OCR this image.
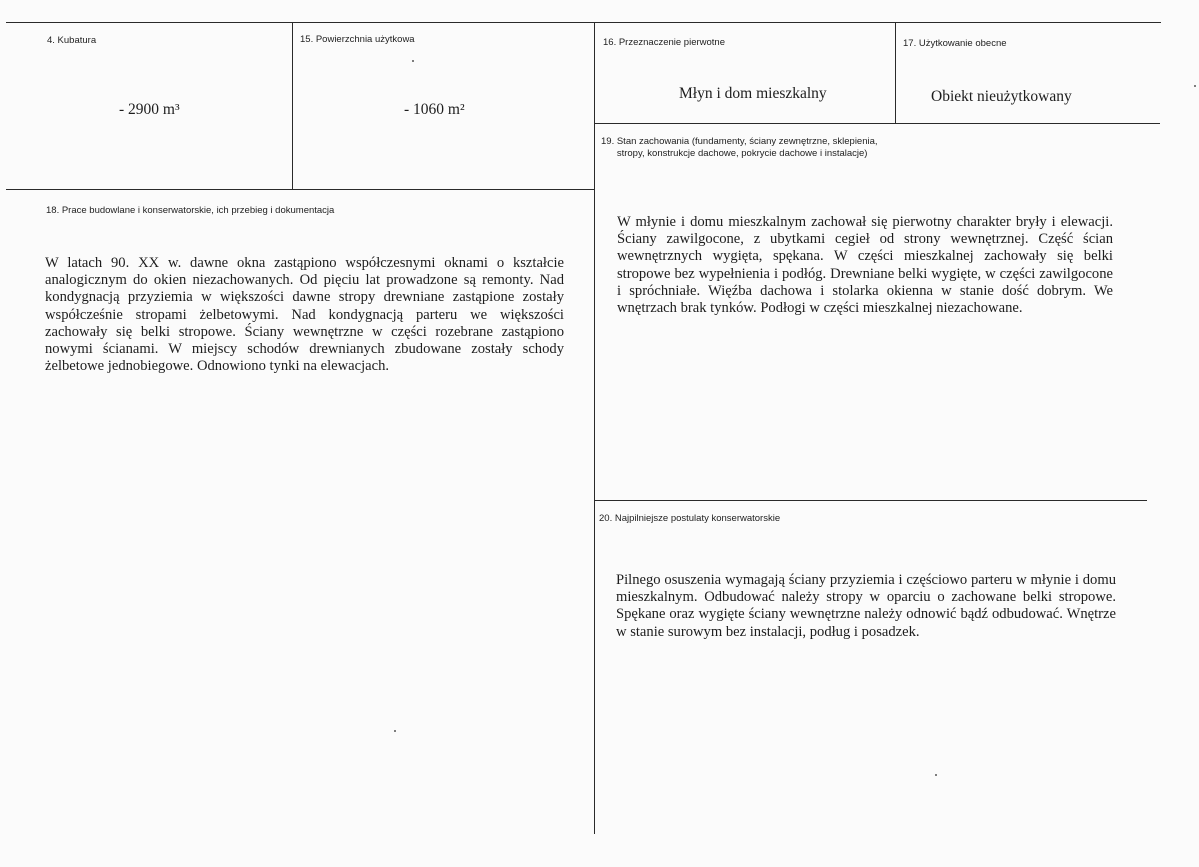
4. Kubatura
- 2900 m³
15. Powierzchnia użytkowa
- 1060 m²
16. Przeznaczenie pierwotne
Młyn i dom mieszkalny
17. Użytkowanie obecne
Obiekt nieużytkowany
19. Stan zachowania (fundamenty, ściany zewnętrzne, sklepienia,
stropy, konstrukcje dachowe, pokrycie dachowe i instalacje)
W młynie i domu mieszkalnym zachował się pierwotny charakter bryły i elewacji. Ściany zawilgocone, z ubytkami cegieł od strony wewnętrznej. Część ścian wewnętrznych wygięta, spękana. W części mieszkalnej zachowały się belki stropowe bez wypełnienia i podłóg. Drewniane belki wygięte, w części zawilgocone i spróchniałe. Więźba dachowa i stolarka okienna w stanie dość dobrym. We wnętrzach brak tynków. Podłogi w części mieszkalnej niezachowane.
18. Prace budowlane i konserwatorskie, ich przebieg i dokumentacja
W latach 90. XX w. dawne okna zastąpiono współczesnymi oknami o kształcie analogicznym do okien niezachowanych. Od pięciu lat prowadzone są remonty. Nad kondygnacją przyziemia w większości dawne stropy drewniane zastąpione zostały współcześnie stropami żelbetowymi. Nad kondygnacją parteru we większości zachowały się belki stropowe. Ściany wewnętrzne w części rozebrane zastąpiono nowymi ścianami. W miejscy schodów drewnianych zbudowane zostały schody żelbetowe jednobiegowe. Odnowiono tynki na elewacjach.
20. Najpilniejsze postulaty konserwatorskie
Pilnego osuszenia wymagają ściany przyziemia i częściowo parteru w młynie i domu mieszkalnym. Odbudować należy stropy w oparciu o zachowane belki stropowe. Spękane oraz wygięte ściany wewnętrzne należy odnowić bądź odbudować. Wnętrze w stanie surowym bez instalacji, podług i posadzek.
